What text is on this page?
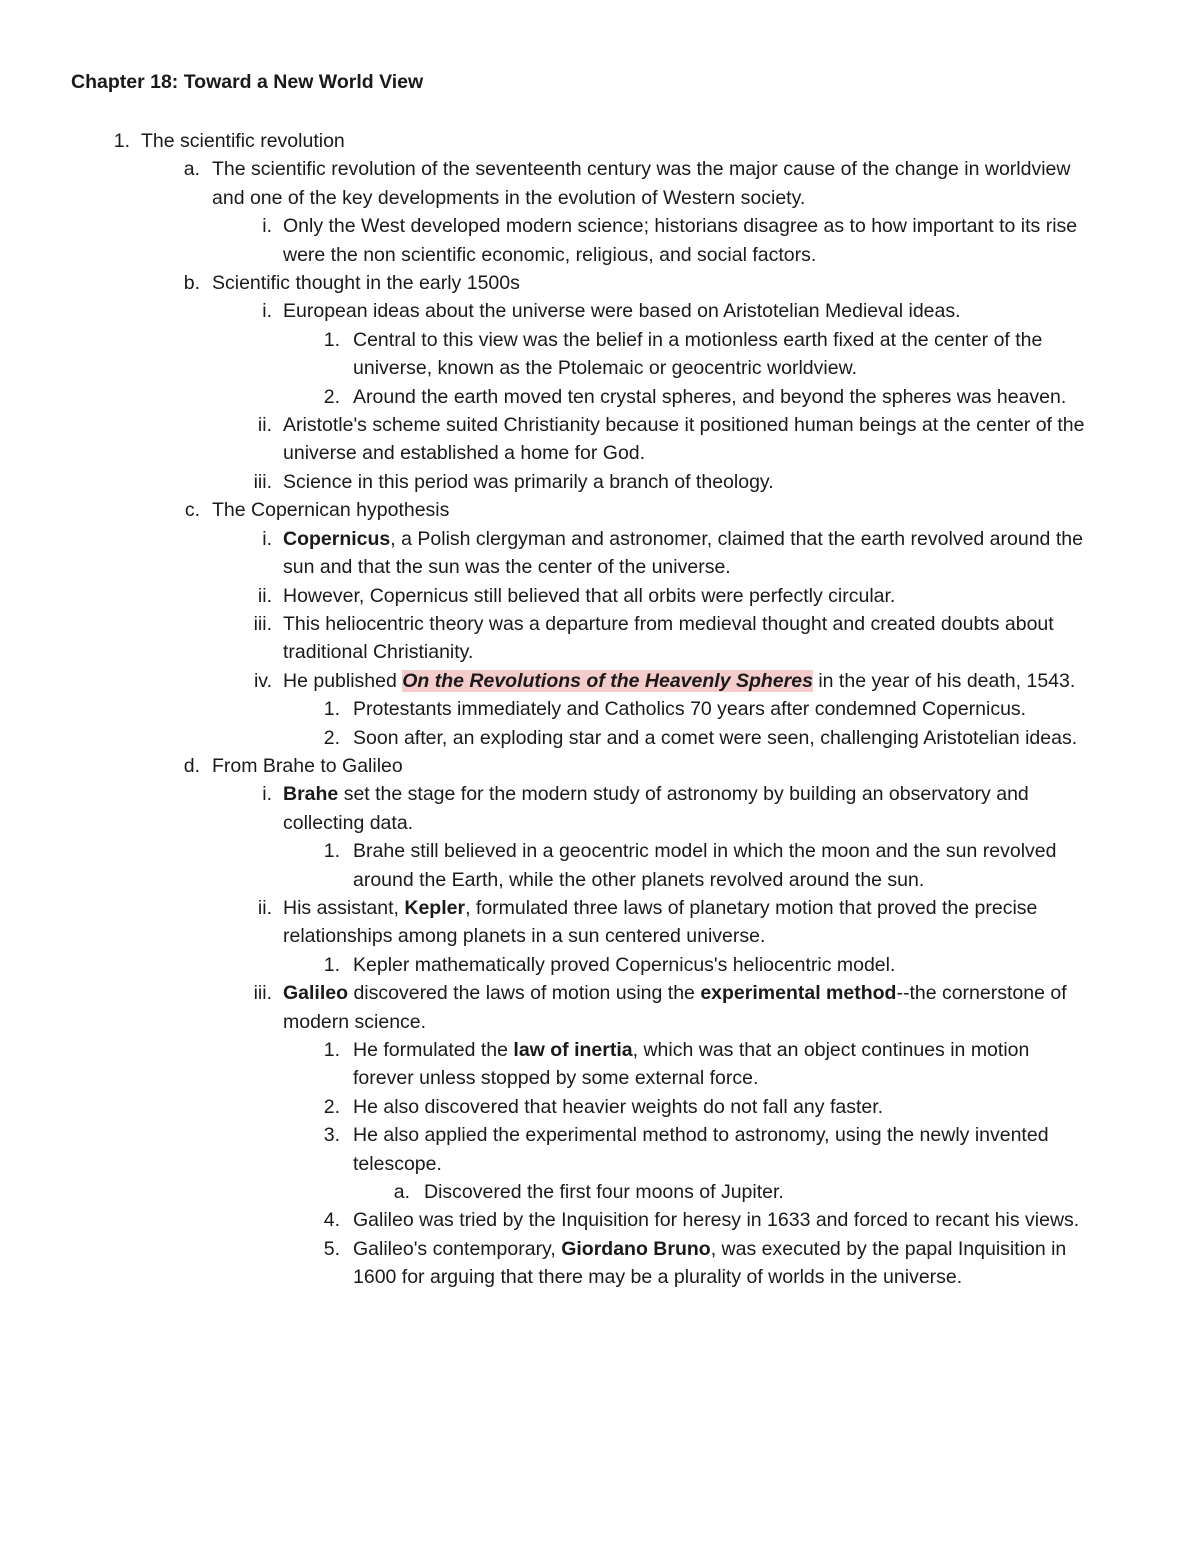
Chapter 18: Toward a New World View
1. The scientific revolution
a. The scientific revolution of the seventeenth century was the major cause of the change in worldview and one of the key developments in the evolution of Western society.
i. Only the West developed modern science; historians disagree as to how important to its rise were the non scientific economic, religious, and social factors.
b. Scientific thought in the early 1500s
i. European ideas about the universe were based on Aristotelian Medieval ideas.
1. Central to this view was the belief in a motionless earth fixed at the center of the universe, known as the Ptolemaic or geocentric worldview.
2. Around the earth moved ten crystal spheres, and beyond the spheres was heaven.
ii. Aristotle's scheme suited Christianity because it positioned human beings at the center of the universe and established a home for God.
iii. Science in this period was primarily a branch of theology.
c. The Copernican hypothesis
i. Copernicus, a Polish clergyman and astronomer, claimed that the earth revolved around the sun and that the sun was the center of the universe.
ii. However, Copernicus still believed that all orbits were perfectly circular.
iii. This heliocentric theory was a departure from medieval thought and created doubts about traditional Christianity.
iv. He published On the Revolutions of the Heavenly Spheres in the year of his death, 1543.
1. Protestants immediately and Catholics 70 years after condemned Copernicus.
2. Soon after, an exploding star and a comet were seen, challenging Aristotelian ideas.
d. From Brahe to Galileo
i. Brahe set the stage for the modern study of astronomy by building an observatory and collecting data.
1. Brahe still believed in a geocentric model in which the moon and the sun revolved around the Earth, while the other planets revolved around the sun.
ii. His assistant, Kepler, formulated three laws of planetary motion that proved the precise relationships among planets in a sun centered universe.
1. Kepler mathematically proved Copernicus's heliocentric model.
iii. Galileo discovered the laws of motion using the experimental method--the cornerstone of modern science.
1. He formulated the law of inertia, which was that an object continues in motion forever unless stopped by some external force.
2. He also discovered that heavier weights do not fall any faster.
3. He also applied the experimental method to astronomy, using the newly invented telescope.
a. Discovered the first four moons of Jupiter.
4. Galileo was tried by the Inquisition for heresy in 1633 and forced to recant his views.
5. Galileo's contemporary, Giordano Bruno, was executed by the papal Inquisition in 1600 for arguing that there may be a plurality of worlds in the universe.
